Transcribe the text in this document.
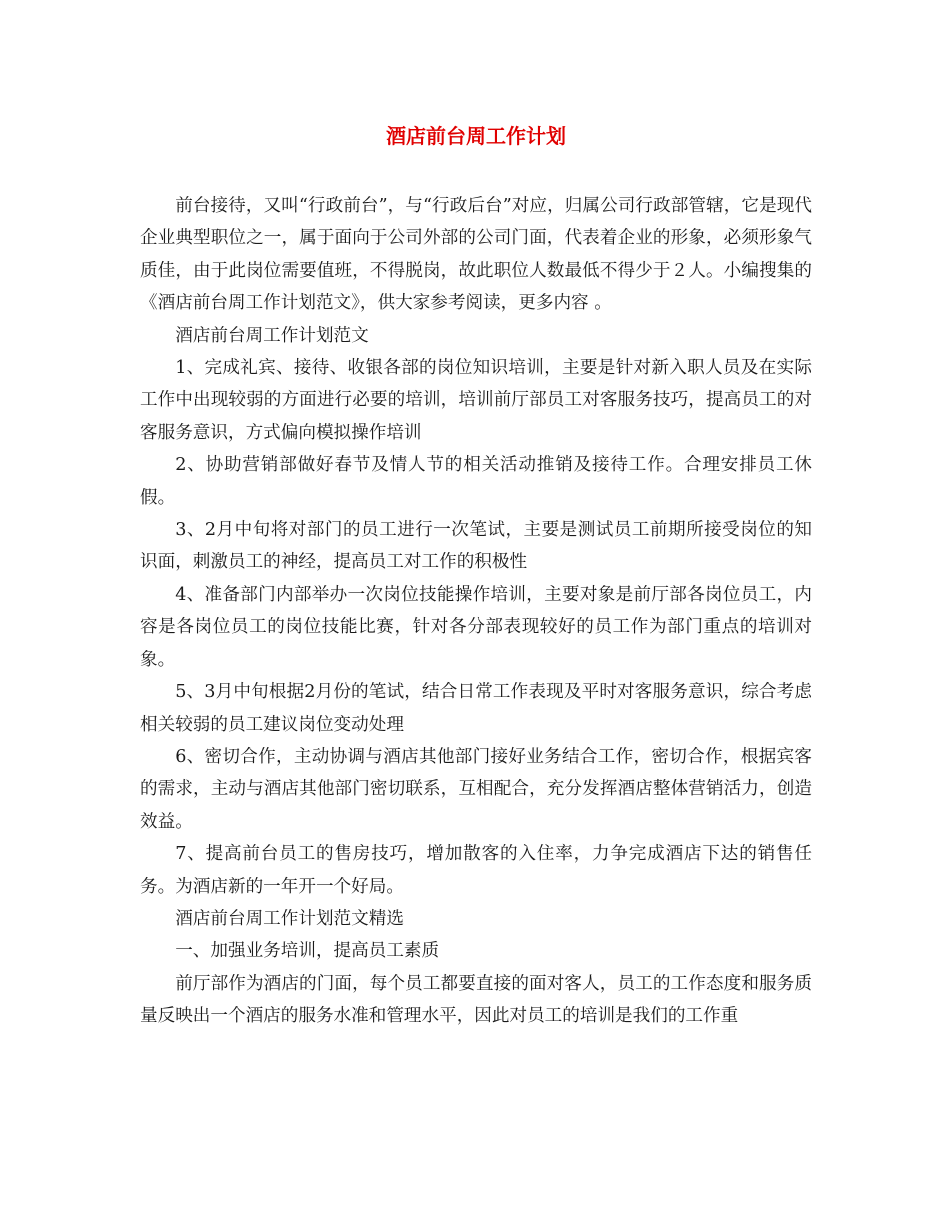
酒店前台周工作计划

前台接待，又叫“行政前台”，与“行政后台”对应，归属公司行政部管辖，它是现代企业典型职位之一，属于面向于公司外部的公司门面，代表着企业的形象，必须形象气质佳，由于此岗位需要值班，不得脱岗，故此职位人数最低不得少于２人。小编搜集的《酒店前台周工作计划范文》，供大家参考阅读，更多内容 。

酒店前台周工作计划范文

1、完成礼宾、接待、收银各部的岗位知识培训，主要是针对新入职人员及在实际工作中出现较弱的方面进行必要的培训，培训前厅部员工对客服务技巧，提高员工的对客服务意识，方式偏向模拟操作培训

2、协助营销部做好春节及情人节的相关活动推销及接待工作。合理安排员工休假。

3、2月中旬将对部门的员工进行一次笔试，主要是测试员工前期所接受岗位的知识面，刺激员工的神经，提高员工对工作的积极性

4、准备部门内部举办一次岗位技能操作培训，主要对象是前厅部各岗位员工，内容是各岗位员工的岗位技能比赛，针对各分部表现较好的员工作为部门重点的培训对象。

5、3月中旬根据2月份的笔试，结合日常工作表现及平时对客服务意识，综合考虑相关较弱的员工建议岗位变动处理

6、密切合作，主动协调与酒店其他部门接好业务结合工作，密切合作，根据宾客的需求，主动与酒店其他部门密切联系，互相配合，充分发挥酒店整体营销活力，创造效益。

7、提高前台员工的售房技巧，增加散客的入住率，力争完成酒店下达的销售任务。为酒店新的一年开一个好局。

酒店前台周工作计划范文精选

一、加强业务培训，提高员工素质

前厅部作为酒店的门面，每个员工都要直接的面对客人，员工的工作态度和服务质量反映出一个酒店的服务水准和管理水平，因此对员工的培训是我们的工作重
